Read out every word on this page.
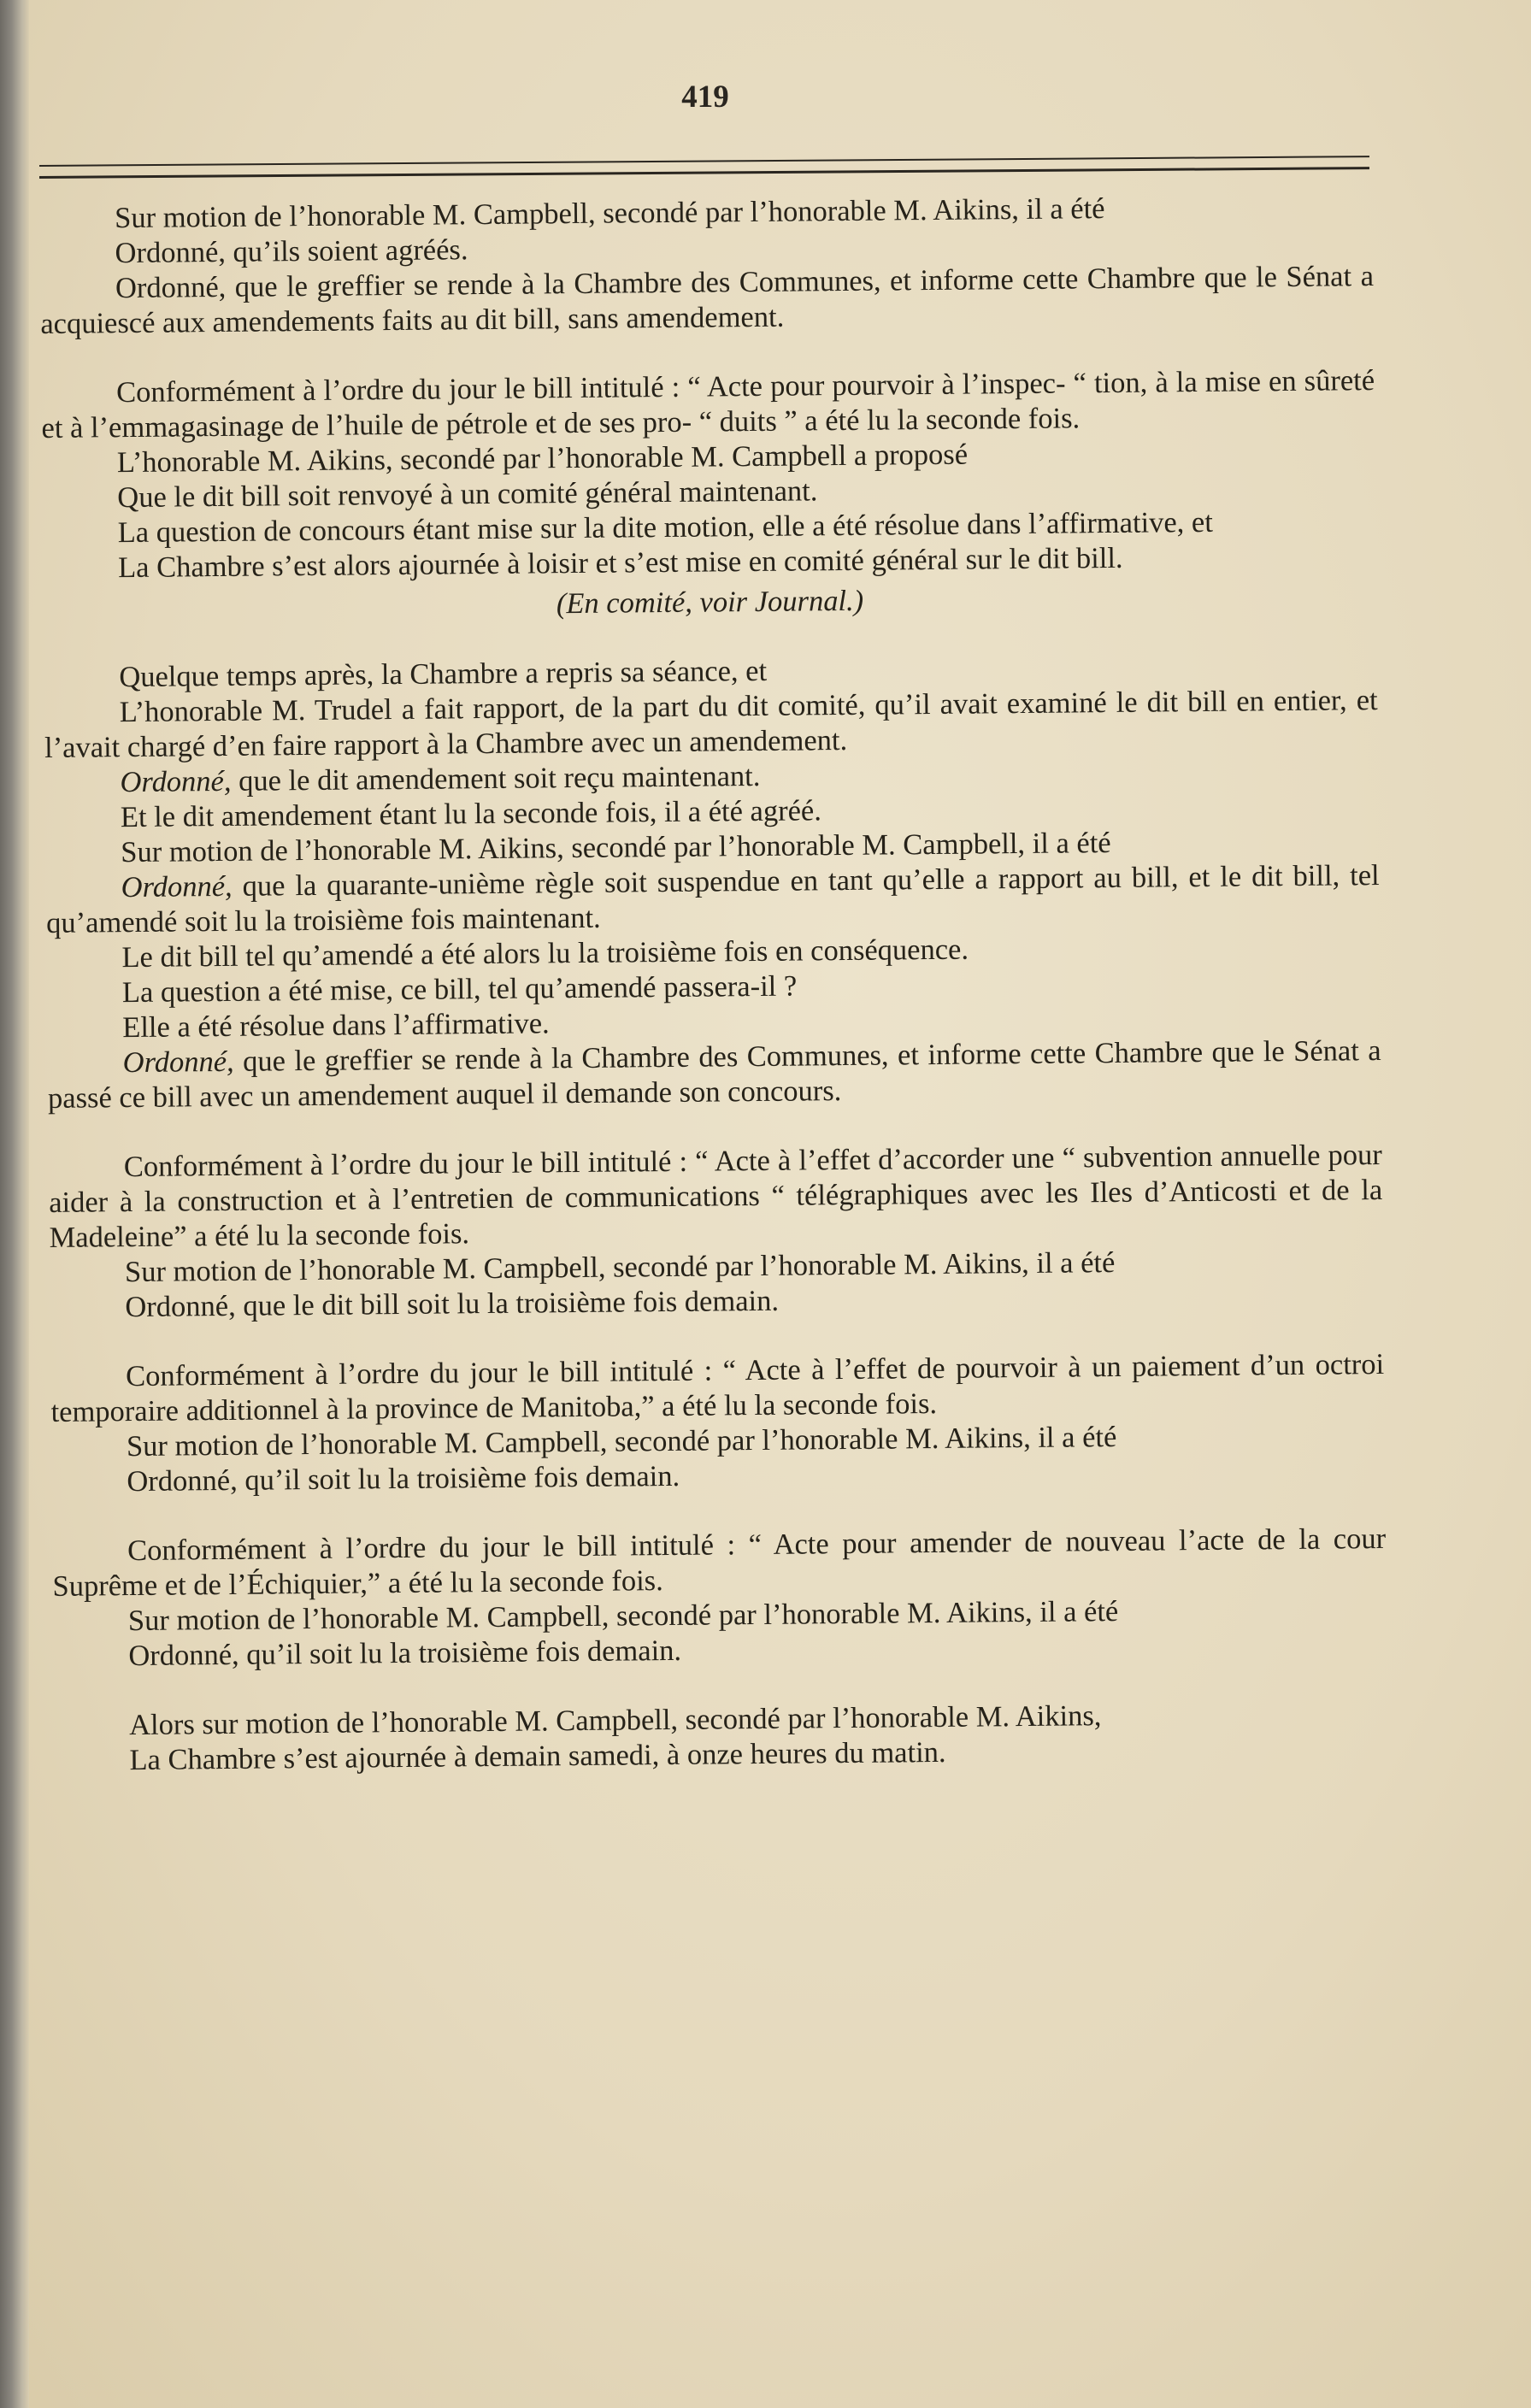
419

Sur motion de l’honorable M. Campbell, secondé par l’honorable M. Aikins, il a été

Ordonné, qu’ils soient agréés.

Ordonné, que le greffier se rende à la Chambre des Communes, et informe cette Chambre que le Sénat a acquiescé aux amendements faits au dit bill, sans amendement.

Conformément à l’ordre du jour le bill intitulé : “ Acte pour pourvoir à l’inspec- “ tion, à la mise en sûreté et à l’emmagasinage de l’huile de pétrole et de ses pro- “ duits ” a été lu la seconde fois.

L’honorable M. Aikins, secondé par l’honorable M. Campbell a proposé

Que le dit bill soit renvoyé à un comité général maintenant.

La question de concours étant mise sur la dite motion, elle a été résolue dans l’affirmative, et

La Chambre s’est alors ajournée à loisir et s’est mise en comité général sur le dit bill.

(En comité, voir Journal.)

Quelque temps après, la Chambre a repris sa séance, et

L’honorable M. Trudel a fait rapport, de la part du dit comité, qu’il avait examiné le dit bill en entier, et l’avait chargé d’en faire rapport à la Chambre avec un amendement.

Ordonné, que le dit amendement soit reçu maintenant.

Et le dit amendement étant lu la seconde fois, il a été agréé.

Sur motion de l’honorable M. Aikins, secondé par l’honorable M. Campbell, il a été

Ordonné, que la quarante-unième règle soit suspendue en tant qu’elle a rapport au bill, et le dit bill, tel qu’amendé soit lu la troisième fois maintenant.

Le dit bill tel qu’amendé a été alors lu la troisième fois en conséquence.

La question a été mise, ce bill, tel qu’amendé passera-il ?

Elle a été résolue dans l’affirmative.

Ordonné, que le greffier se rende à la Chambre des Communes, et informe cette Chambre que le Sénat a passé ce bill avec un amendement auquel il demande son concours.

Conformément à l’ordre du jour le bill intitulé : “ Acte à l’effet d’accorder une “ subvention annuelle pour aider à la construction et à l’entretien de communications “ télégraphiques avec les Iles d’Anticosti et de la Madeleine” a été lu la seconde fois.

Sur motion de l’honorable M. Campbell, secondé par l’honorable M. Aikins, il a été

Ordonné, que le dit bill soit lu la troisième fois demain.

Conformément à l’ordre du jour le bill intitulé : “ Acte à l’effet de pourvoir à un paiement d’un octroi temporaire additionnel à la province de Manitoba,” a été lu la seconde fois.

Sur motion de l’honorable M. Campbell, secondé par l’honorable M. Aikins, il a été

Ordonné, qu’il soit lu la troisième fois demain.

Conformément à l’ordre du jour le bill intitulé : “ Acte pour amender de nouveau l’acte de la cour Suprême et de l’Échiquier,” a été lu la seconde fois.

Sur motion de l’honorable M. Campbell, secondé par l’honorable M. Aikins, il a été

Ordonné, qu’il soit lu la troisième fois demain.

Alors sur motion de l’honorable M. Campbell, secondé par l’honorable M. Aikins,

La Chambre s’est ajournée à demain samedi, à onze heures du matin.
